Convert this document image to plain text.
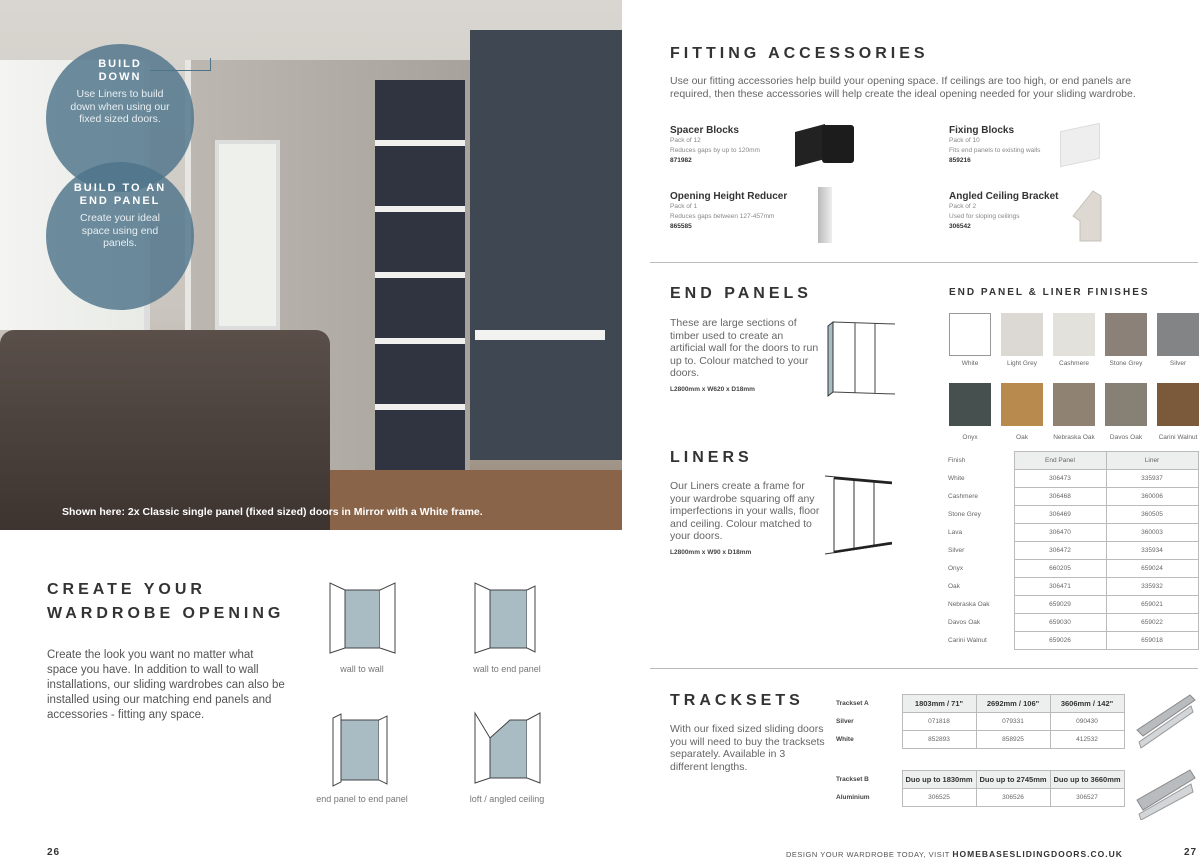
BUILD DOWN

Use Liners to build down when using our fixed sized doors.

BUILD TO AN END PANEL

Create your ideal space using end panels.

Shown here: 2x Classic single panel (fixed sized) doors in Mirror with a White frame.
CREATE YOUR
WARDROBE OPENING
Create the look you want no matter what space you have. In addition to wall to wall installations, our sliding wardrobes can also be installed using our matching end panels and accessories - fitting any space.
wall to wall	wall to end panel
end panel to end panel	loft / angled ceiling
26
FITTING ACCESSORIES
Use our fitting accessories help build your opening space. If ceilings are too high, or end panels are required, then these accessories will help create the ideal opening needed for your sliding wardrobe.
Spacer Blocks

Pack of 12

Reduces gaps by up to 120mm

871982
Fixing Blocks

Pack of 10

Fits end panels to existing walls

859216
Opening Height Reducer

Pack of 1

Reduces gaps between 127-457mm

865585
Angled Ceiling Bracket

Pack of 2

Used for sloping ceilings

306542
END PANELS
These are large sections of timber used to create an artificial wall for the doors to run up to. Colour matched to your doors.
L2800mm x W620 x D18mm
END PANEL & LINER FINISHES
White	Light Grey	Cashmere	Stone Grey	Silver
Onyx	Oak	Nebraska Oak	Davos Oak	Carini Walnut
LINERS
Our Liners create a frame for your wardrobe squaring off any imperfections in your walls, floor and ceiling. Colour matched to your doors.
L2800mm x W90 x D18mm
Finish	End Panel	Liner
White	306473	335937
Cashmere	306468	360006
Stone Grey	306469	360505
Lava	306470	360003
Silver	306472	335934
Onyx	660205	659024
Oak	306471	335932
Nebraska Oak	659029	659021
Davos Oak	659030	659022
Carini Walnut	659026	659018
TRACKSETS
With our fixed sized sliding doors you will need to buy the tracksets separately. Available in 3 different lengths.
Trackset A	1803mm / 71"	2692mm / 106"	3606mm / 142"
Silver	071818	079331	090430
White	852893	858925	412532
Trackset B	Duo up to 1830mm	Duo up to 2745mm	Duo up to 3660mm
Aluminium	306525	306526	306527
DESIGN YOUR WARDROBE TODAY, VISIT HOMEBASESLIDINGDOORS.CO.UK	27
